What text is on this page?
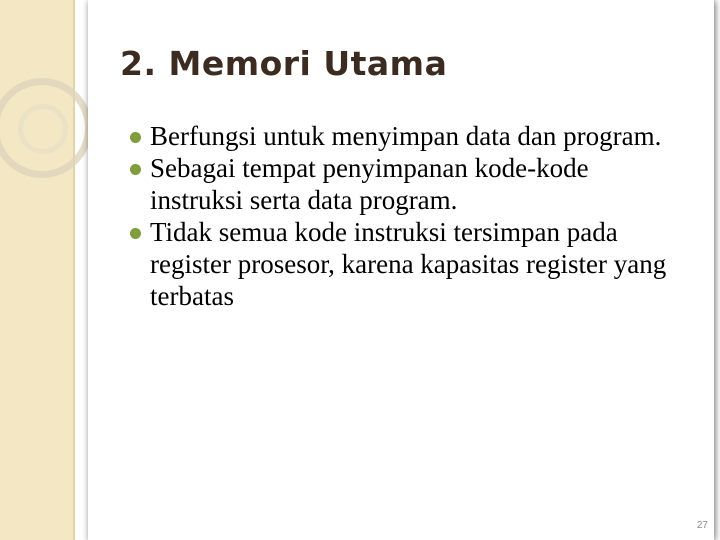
2. Memori Utama
Berfungsi untuk menyimpan data dan program.
Sebagai tempat penyimpanan kode-kode instruksi serta data program.
Tidak semua kode instruksi tersimpan pada register prosesor, karena kapasitas register yang terbatas
27
